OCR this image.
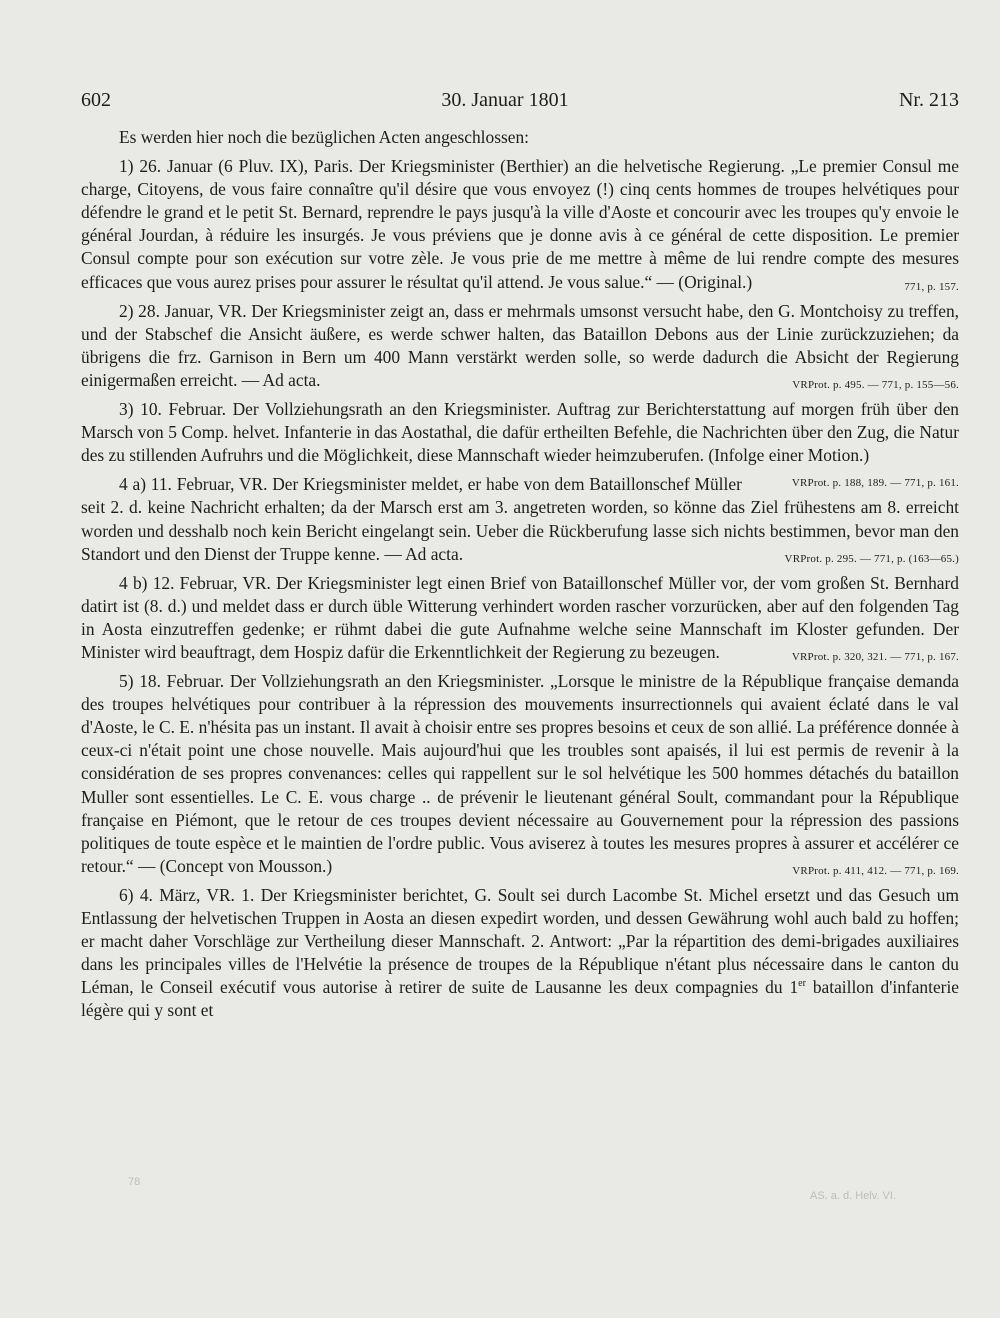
602	30. Januar 1801	Nr. 213

Es werden hier noch die bezüglichen Acten angeschlossen:

1) 26. Januar (6 Pluv. IX), Paris. Der Kriegsminister (Berthier) an die helvetische Regierung. „Le premier Consul me charge, Citoyens, de vous faire connaître qu'il désire que vous envoyez (!) cinq cents hommes de troupes helvétiques pour défendre le grand et le petit St. Bernard, reprendre le pays jusqu'à la ville d'Aoste et concourir avec les troupes qu'y envoie le général Jourdan, à réduire les insurgés. Je vous préviens que je donne avis à ce général de cette disposition. Le premier Consul compte pour son exécution sur votre zèle. Je vous prie de me mettre à même de lui rendre compte des mesures efficaces que vous aurez prises pour assurer le résultat qu'il attend. Je vous salue.“ — (Original.)	771, p. 157.

2) 28. Januar, VR. Der Kriegsminister zeigt an, dass er mehrmals umsonst versucht habe, den G. Montchoisy zu treffen, und der Stabschef die Ansicht äußere, es werde schwer halten, das Bataillon Debons aus der Linie zurückzuziehen; da übrigens die frz. Garnison in Bern um 400 Mann verstärkt werden solle, so werde dadurch die Absicht der Regierung einigermaßen erreicht. — Ad acta.	VRProt. p. 495. — 771, p. 155—56.

3) 10. Februar. Der Vollziehungsrath an den Kriegsminister. Auftrag zur Berichterstattung auf morgen früh über den Marsch von 5 Comp. helvet. Infanterie in das Aostathal, die dafür ertheilten Befehle, die Nachrichten über den Zug, die Natur des zu stillenden Aufruhrs und die Möglichkeit, diese Mannschaft wieder heimzuberufen. (Infolge einer Motion.)
VRProt. p. 188, 189. — 771, p. 161.

4 a) 11. Februar, VR. Der Kriegsminister meldet, er habe von dem Bataillonschef Müller seit 2. d. keine Nachricht erhalten; da der Marsch erst am 3. angetreten worden, so könne das Ziel frühestens am 8. erreicht worden und desshalb noch kein Bericht eingelangt sein. Ueber die Rückberufung lasse sich nichts bestimmen, bevor man den Standort und den Dienst der Truppe kenne. — Ad acta.	VRProt. p. 295. — 771, p. (163—65.)

4 b) 12. Februar, VR. Der Kriegsminister legt einen Brief von Bataillonschef Müller vor, der vom großen St. Bernhard datirt ist (8. d.) und meldet dass er durch üble Witterung verhindert worden rascher vorzurücken, aber auf den folgenden Tag in Aosta einzutreffen gedenke; er rühmt dabei die gute Aufnahme welche seine Mannschaft im Kloster gefunden. Der Minister wird beauftragt, dem Hospiz dafür die Erkenntlichkeit der Regierung zu bezeugen.	VRProt. p. 320, 321. — 771, p. 167.

5) 18. Februar. Der Vollziehungsrath an den Kriegsminister. „Lorsque le ministre de la République française demanda des troupes helvétiques pour contribuer à la répression des mouvements insurrectionnels qui avaient éclaté dans le val d'Aoste, le C. E. n'hésita pas un instant. Il avait à choisir entre ses propres besoins et ceux de son allié. La préférence donnée à ceux-ci n'était point une chose nouvelle. Mais aujourd'hui que les troubles sont apaisés, il lui est permis de revenir à la considération de ses propres convenances: celles qui rappellent sur le sol helvétique les 500 hommes détachés du bataillon Muller sont essentielles. Le C. E. vous charge .. de prévenir le lieutenant général Soult, commandant pour la République française en Piémont, que le retour de ces troupes devient nécessaire au Gouvernement pour la répression des passions politiques de toute espèce et le maintien de l'ordre public. Vous aviserez à toutes les mesures propres à assurer et accélérer ce retour.“ — (Concept von Mousson.)	VRProt. p. 411, 412. — 771, p. 169.

6) 4. März, VR. 1. Der Kriegsminister berichtet, G. Soult sei durch Lacombe St. Michel ersetzt und das Gesuch um Entlassung der helvetischen Truppen in Aosta an diesen expedirt worden, und dessen Gewährung wohl auch bald zu hoffen; er macht daher Vorschläge zur Vertheilung dieser Mannschaft. 2. Antwort: „Par la répartition des demi-brigades auxiliaires dans les principales villes de l'Helvétie la présence de troupes de la République n'étant plus nécessaire dans le canton du Léman, le Conseil exécutif vous autorise à retirer de suite de Lausanne les deux compagnies du 1er bataillon d'infanterie légère qui y sont et

78
AS. a. d. Helv. VI.
